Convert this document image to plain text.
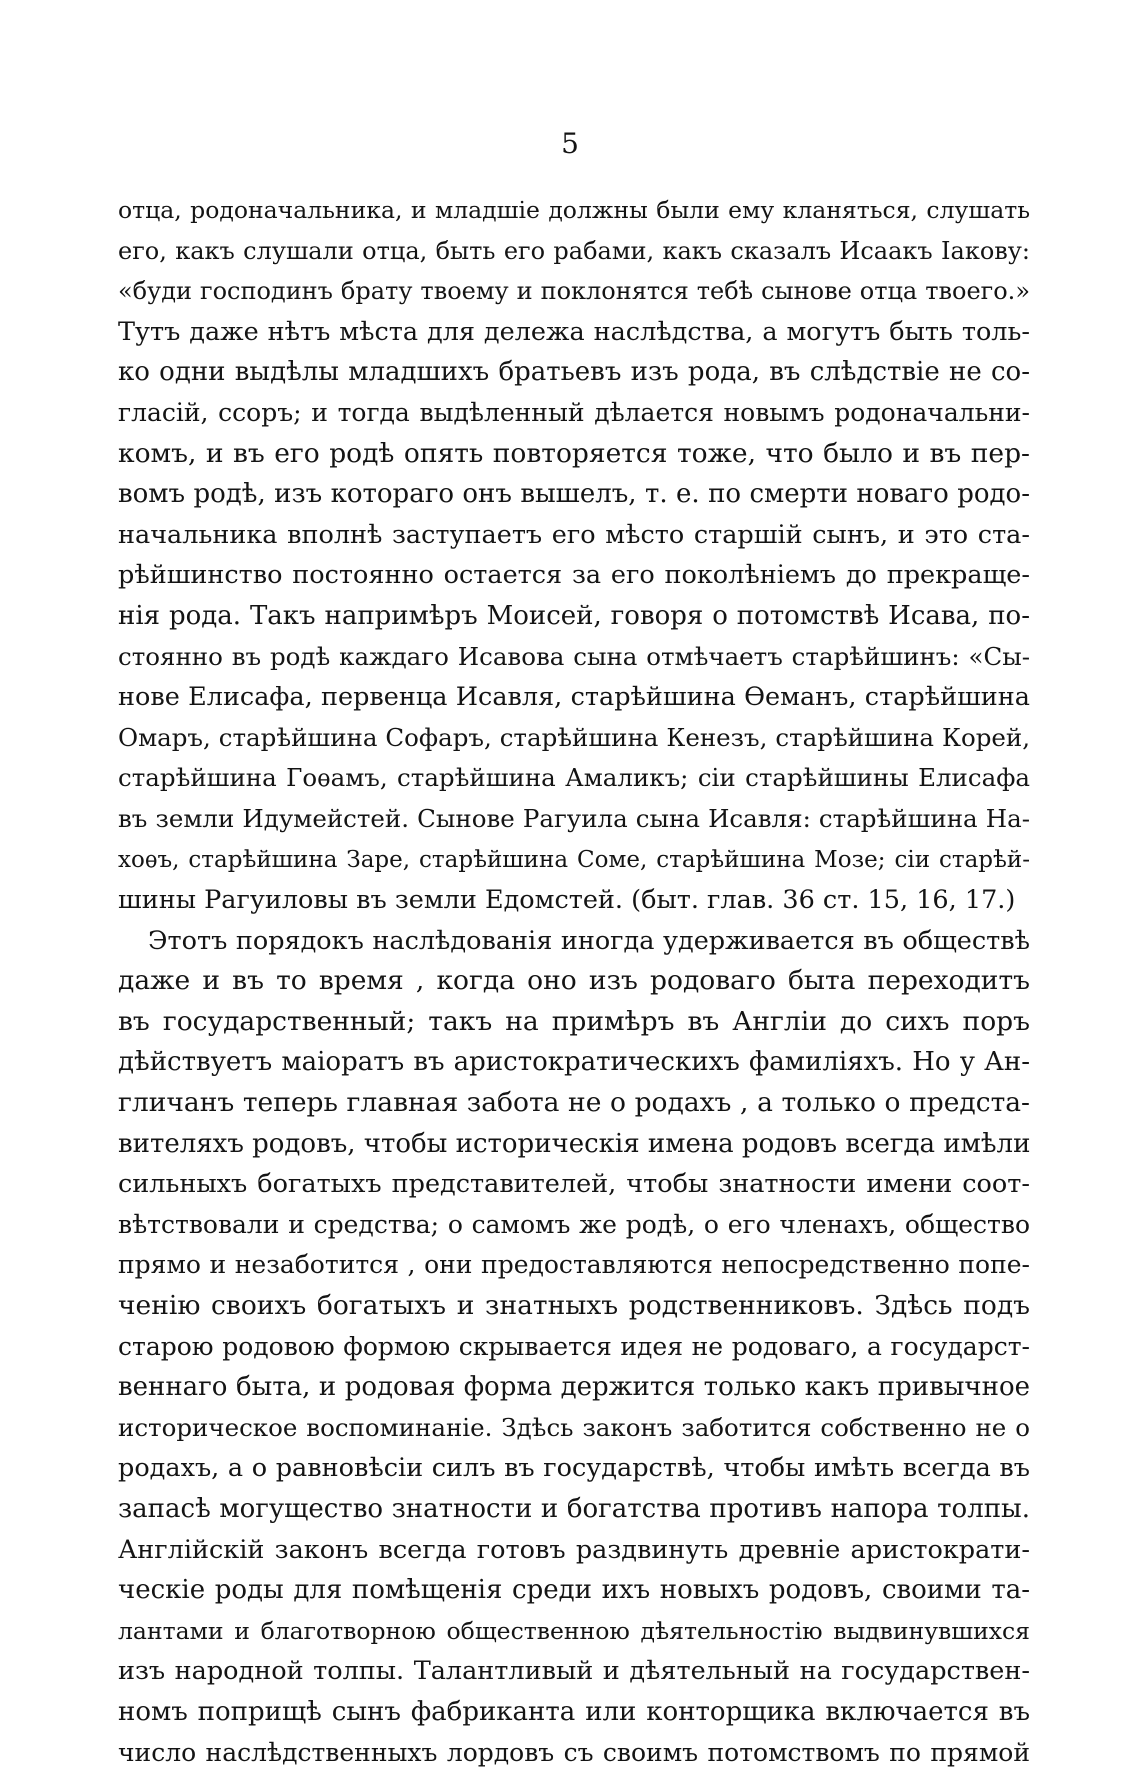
5
отца, родоначальника, и младшіе должны были ему кланяться, слушать
его, какъ слушали отца, быть его рабами, какъ сказалъ Исаакъ Іакову:
«буди господинъ брату твоему и поклонятся тебѣ сынове отца твоего.»
Тутъ даже нѣтъ мѣста для дележа наслѣдства, а могутъ быть толь-
ко одни выдѣлы младшихъ братьевъ изъ рода, въ слѣдствіе не со-
гласій, ссоръ; и тогда выдѣленный дѣлается новымъ родоначальни-
комъ, и въ его родѣ опять повторяется тоже, что было и въ пер-
вомъ родѣ, изъ котораго онъ вышелъ, т. е. по смерти новаго родо-
начальника вполнѣ заступаетъ его мѣсто старшій сынъ, и это ста-
рѣйшинство постоянно остается за его поколѣніемъ до прекраще-
нія рода. Такъ напримѣръ Моисей, говоря о потомствѣ Исава, по-
стоянно въ родѣ каждаго Исавова сына отмѣчаетъ старѣйшинъ: «Сы-
нове Елисафа, первенца Исавля, старѣйшина Ѳеманъ, старѣйшина
Омаръ, старѣйшина Софаръ, старѣйшина Кенезъ, старѣйшина Корей,
старѣйшина Гоѳамъ, старѣйшина Амаликъ; сіи старѣйшины Елисафа
въ земли Идумейстей. Сынове Рагуила сына Исавля: старѣйшина На-
хоѳъ, старѣйшина Заре, старѣйшина Соме, старѣйшина Мозе; сіи старѣй-
шины Рагуиловы въ земли Едомстей. (быт. глав. 36 ст. 15, 16, 17.)
Этотъ порядокъ наслѣдованія иногда удерживается въ обществѣ
даже и въ то время , когда оно изъ родоваго быта переходитъ
въ государственный; такъ на примѣръ въ Англіи до сихъ поръ
дѣйствуетъ маіоратъ въ аристократическихъ фамиліяхъ. Но у Ан-
гличанъ теперь главная забота не о родахъ , а только о предста-
вителяхъ родовъ, чтобы историческія имена родовъ всегда имѣли
сильныхъ богатыхъ представителей, чтобы знатности имени соот-
вѣтствовали и средства; о самомъ же родѣ, о его членахъ, общество
прямо и незаботится , они предоставляются непосредственно попе-
ченію своихъ богатыхъ и знатныхъ родственниковъ. Здѣсь подъ
старою родовою формою скрывается идея не родоваго, а государст-
веннаго быта, и родовая форма держится только какъ привычное
историческое воспоминаніе. Здѣсь законъ заботится собственно не о
родахъ, а о равновѣсіи силъ въ государствѣ, чтобы имѣть всегда въ
запасѣ могущество знатности и богатства противъ напора толпы.
Англійскій законъ всегда готовъ раздвинуть древніе аристократи-
ческіе роды для помѣщенія среди ихъ новыхъ родовъ, своими та-
лантами и благотворною общественною дѣятельностію выдвинувшихся
изъ народной толпы. Талантливый и дѣятельный на государствен-
номъ поприщѣ сынъ фабриканта или конторщика включается въ
число наслѣдственныхъ лордовъ съ своимъ потомствомъ по прямой
